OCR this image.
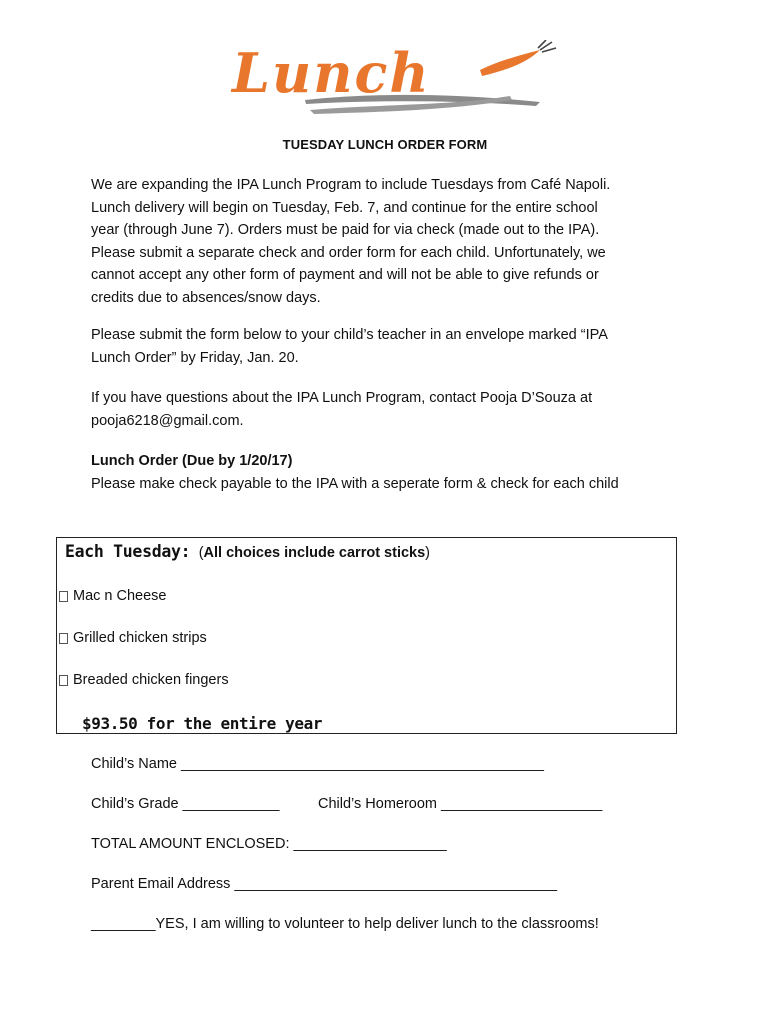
Lunch
TUESDAY LUNCH ORDER FORM
We are expanding the IPA Lunch Program to include Tuesdays from Café Napoli.
Lunch delivery will begin on Tuesday, Feb. 7, and continue for the entire school
year (through June 7). Orders must be paid for via check (made out to the IPA).
Please submit a separate check and order form for each child. Unfortunately, we
cannot accept any other form of payment and will not be able to give refunds or
credits due to absences/snow days.
Please submit the form below to your child’s teacher in an envelope marked “IPA
Lunch Order” by Friday, Jan. 20.
If you have questions about the IPA Lunch Program, contact Pooja D’Souza at
pooja6218@gmail.com.
Lunch Order (Due by 1/20/17)
Please make check payable to the IPA with a seperate form & check for each child
Each Tuesday: (All choices include carrot sticks)
Mac n Cheese
Grilled chicken strips
Breaded chicken fingers
$93.50 for the entire year
Child’s Name _____________________________________________
Child’s Grade ____________	Child’s Homeroom ____________________
TOTAL AMOUNT ENCLOSED: ___________________
Parent Email Address ________________________________________
________YES, I am willing to volunteer to help deliver lunch to the classrooms!
